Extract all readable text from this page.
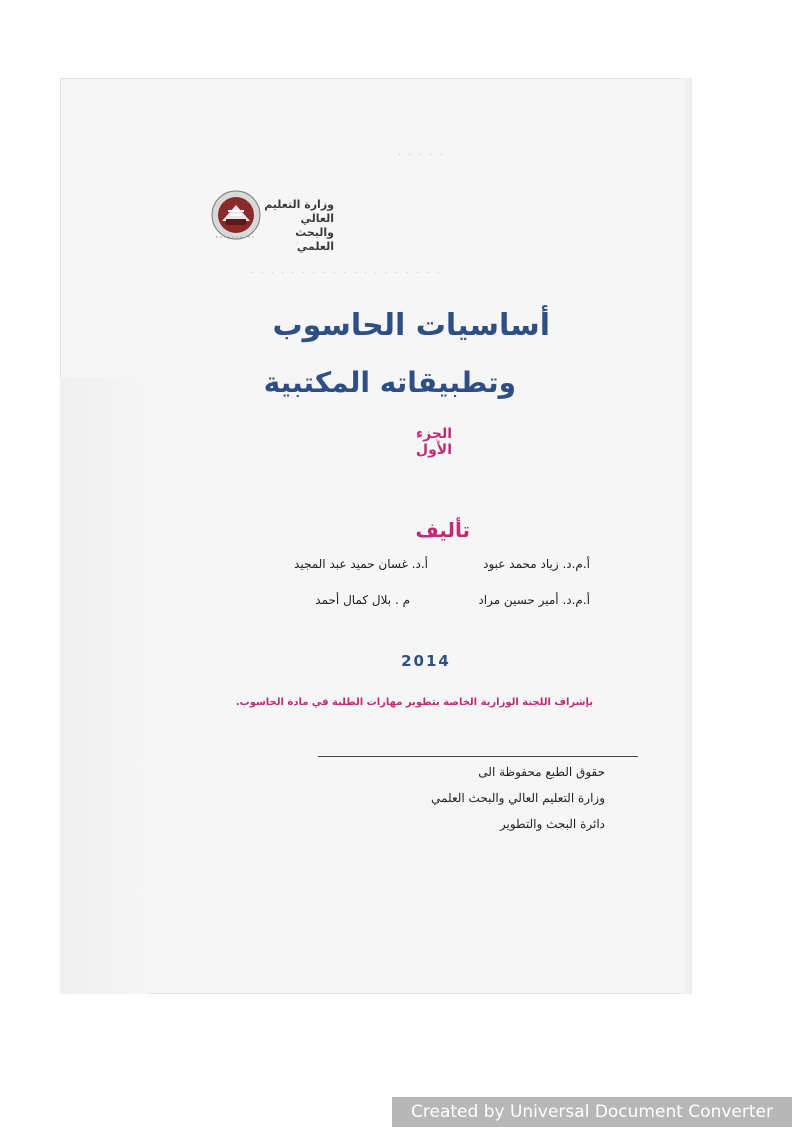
· · · · ·
· · · · · · · · · · · · · · · · · · ·
وزارة التعليم العالي
والبحث العلمي
أساسيات الحاسوب
وتطبيقاته المكتبية
الجزء الأول
تأليف
أ.م.د. زياد محمد عبود
أ.د. غسان حميد عبد المجيد
أ.م.د. أمير حسين مراد
م . بلال كمال أحمد
2014
بإشراف اللجنة الوزارية الخاصة بتطوير مهارات الطلبة في مادة الحاسوب.
حقوق الطبع محفوظة الى
وزارة التعليم العالي والبحث العلمي
دائرة البحث والتطوير
Created by Universal Document Converter
